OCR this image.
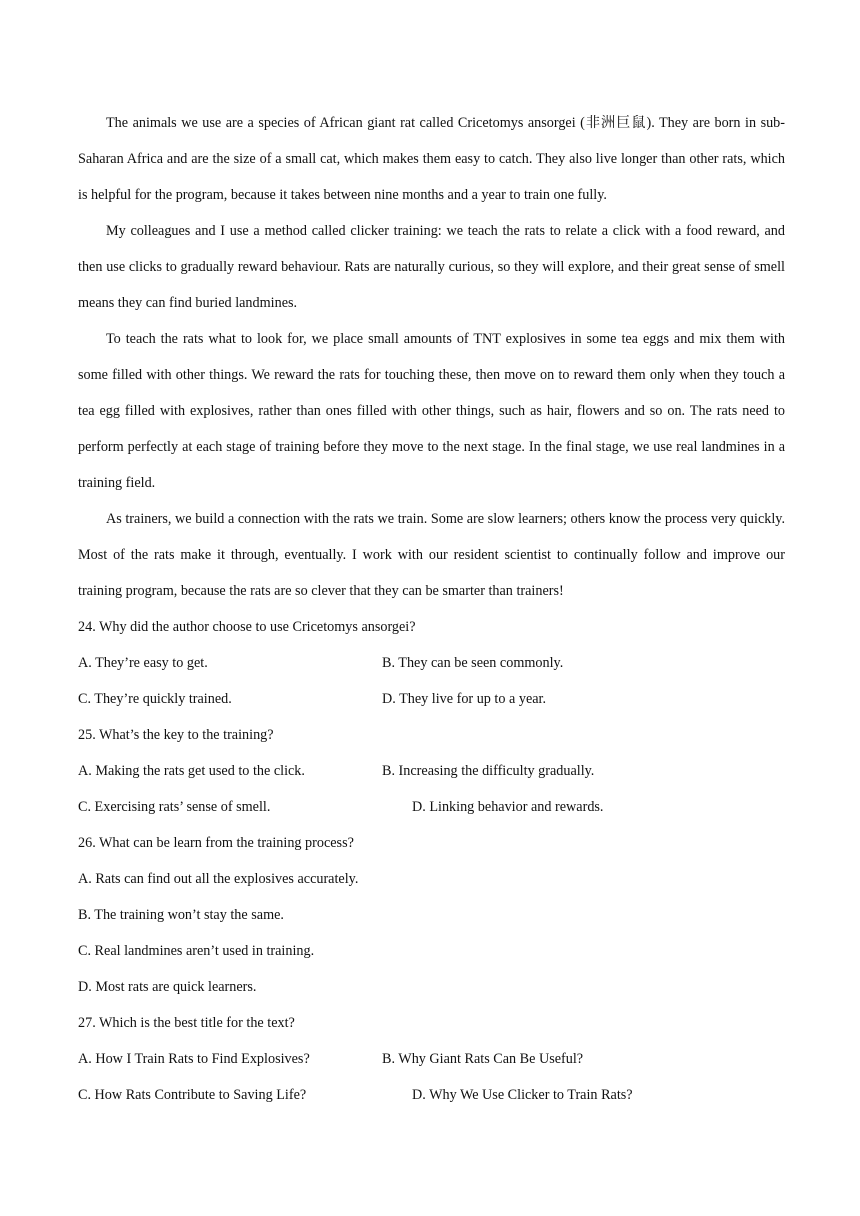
The animals we use are a species of African giant rat called Cricetomys ansorgei (非洲巨鼠). They are born in sub-Saharan Africa and are the size of a small cat, which makes them easy to catch. They also live longer than other rats, which is helpful for the program, because it takes between nine months and a year to train one fully.

My colleagues and I use a method called clicker training: we teach the rats to relate a click with a food reward, and then use clicks to gradually reward behaviour. Rats are naturally curious, so they will explore, and their great sense of smell means they can find buried landmines.

To teach the rats what to look for, we place small amounts of TNT explosives in some tea eggs and mix them with some filled with other things. We reward the rats for touching these, then move on to reward them only when they touch a tea egg filled with explosives, rather than ones filled with other things, such as hair, flowers and so on. The rats need to perform perfectly at each stage of training before they move to the next stage. In the final stage, we use real landmines in a training field.

As trainers, we build a connection with the rats we train. Some are slow learners; others know the process very quickly. Most of the rats make it through, eventually. I work with our resident scientist to continually follow and improve our training program, because the rats are so clever that they can be smarter than trainers!

24. Why did the author choose to use Cricetomys ansorgei?

A. They’re easy to get.	B. They can be seen commonly.
C. They’re quickly trained.	D. They live for up to a year.

25. What’s the key to the training?

A. Making the rats get used to the click.	B. Increasing the difficulty gradually.
C. Exercising rats’ sense of smell.	D. Linking behavior and rewards.

26. What can be learn from the training process?

A. Rats can find out all the explosives accurately.

B. The training won’t stay the same.

C. Real landmines aren’t used in training.

D. Most rats are quick learners.

27. Which is the best title for the text?

A. How I Train Rats to Find Explosives?	B. Why Giant Rats Can Be Useful?
C. How Rats Contribute to Saving Life?	D. Why We Use Clicker to Train Rats?
